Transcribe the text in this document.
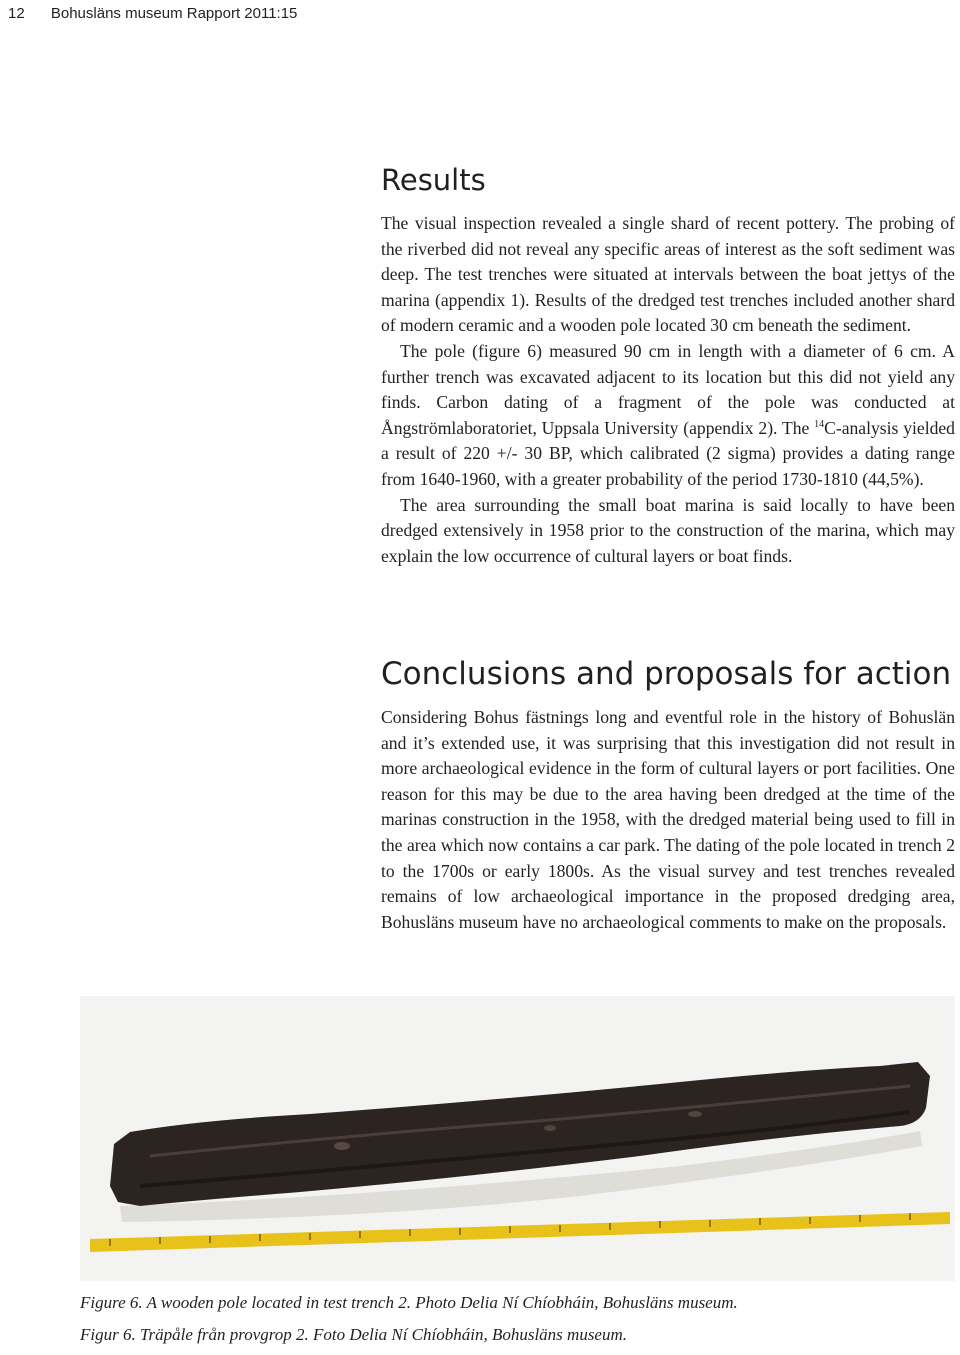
12 Bohusläns museum Rapport 2011:15
Results

The visual inspection revealed a single shard of recent pottery. The probing of the riverbed did not reveal any specific areas of interest as the soft sediment was deep. The test trenches were situated at intervals between the boat jettys of the marina (appendix 1). Results of the dredged test trenches included another shard of modern ceramic and a wooden pole located 30 cm beneath the sediment.

The pole (figure 6) measured 90 cm in length with a diameter of 6 cm. A further trench was excavated adjacent to its location but this did not yield any finds. Carbon dating of a fragment of the pole was conducted at Ångströmlaboratoriet, Uppsala University (appendix 2). The $^{14}$C-analysis yielded a result of 220 +/- 30 BP, which calibrated (2 sigma) provides a dating range from 1640-1960, with a greater probability of the period 1730-1810 (44,5%).

The area surrounding the small boat marina is said locally to have been dredged extensively in 1958 prior to the construction of the marina, which may explain the low occurrence of cultural layers or boat finds.

Conclusions and proposals for action

Considering Bohus fästnings long and eventful role in the history of Bohuslän and it’s extended use, it was surprising that this investigation did not result in more archaeological evidence in the form of cultural layers or port facilities. One reason for this may be due to the area having been dredged at the time of the marinas construction in the 1958, with the dredged material being used to fill in the area which now contains a car park. The dating of the pole located in trench 2 to the 1700s or early 1800s. As the visual survey and test trenches revealed remains of low archaeological importance in the proposed dredging area, Bohusläns museum have no archaeological comments to make on the proposals.

Figure 6. A wooden pole located in test trench 2. Photo Delia Ní Chíobháin, Bohusläns museum.
Figur 6. Träpåle från provgrop 2. Foto Delia Ní Chíobháin, Bohusläns museum.
